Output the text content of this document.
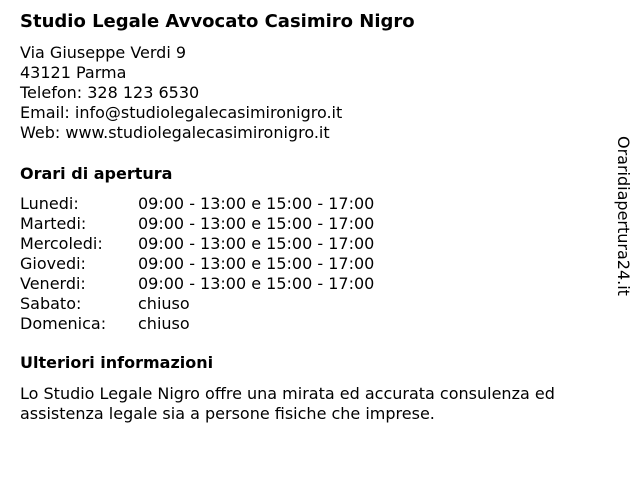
Studio Legale Avvocato Casimiro Nigro
Via Giuseppe Verdi 9
43121 Parma
Telefon: 328 123 6530
Email: info@studiolegalecasimironigro.it
Web: www.studiolegalecasimironigro.it
Orari di apertura
Lunedi:	09:00 - 13:00 e 15:00 - 17:00
Martedi:	09:00 - 13:00 e 15:00 - 17:00
Mercoledi: 09:00 - 13:00 e 15:00 - 17:00
Giovedi:	09:00 - 13:00 e 15:00 - 17:00
Venerdi:	09:00 - 13:00 e 15:00 - 17:00
Sabato:	chiuso
Domenica: chiuso
Ulteriori informazioni
Lo Studio Legale Nigro offre una mirata ed accurata consulenza ed assistenza legale sia a persone fisiche che imprese.
Oraridiapertura24.it
